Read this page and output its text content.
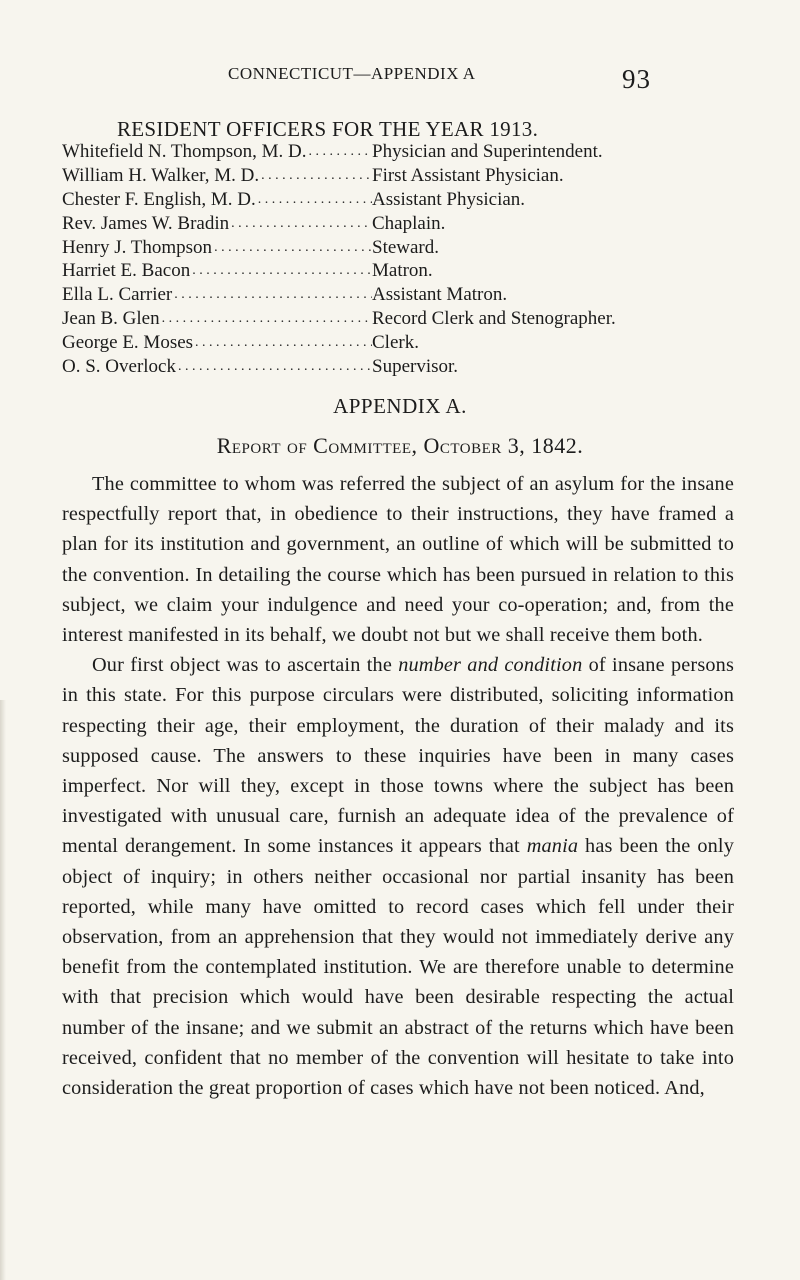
CONNECTICUT—APPENDIX A	93
RESIDENT OFFICERS FOR THE YEAR 1913.
Whitefield N. Thompson, M. D. . . .	Physician and Superintendent.
William H. Walker, M. D. . . .	First Assistant Physician.
Chester F. English, M. D. . . .	Assistant Physician.
Rev. James W. Bradin . . .	Chaplain.
Henry J. Thompson . . .	Steward.
Harriet E. Bacon . . .	Matron.
Ella L. Carrier . . .	Assistant Matron.
Jean B. Glen . . .	Record Clerk and Stenographer.
George E. Moses . . .	Clerk.
O. S. Overlock . . .	Supervisor.
APPENDIX A.
Report of Committee, October 3, 1842.

The committee to whom was referred the subject of an asylum for the insane respectfully report that, in obedience to their instructions, they have framed a plan for its institution and government, an outline of which will be submitted to the convention. In detailing the course which has been pursued in relation to this subject, we claim your indulgence and need your co-operation; and, from the interest manifested in its behalf, we doubt not but we shall receive them both.

Our first object was to ascertain the number and condition of insane persons in this state. For this purpose circulars were distributed, soliciting information respecting their age, their employment, the duration of their malady and its supposed cause. The answers to these inquiries have been in many cases imperfect. Nor will they, except in those towns where the subject has been investigated with unusual care, furnish an adequate idea of the prevalence of mental derangement. In some instances it appears that mania has been the only object of inquiry; in others neither occasional nor partial insanity has been reported, while many have omitted to record cases which fell under their observation, from an apprehension that they would not immediately derive any benefit from the contemplated institution. We are therefore unable to determine with that precision which would have been desirable respecting the actual number of the insane; and we submit an abstract of the returns which have been received, confident that no member of the convention will hesitate to take into consideration the great proportion of cases which have not been noticed. And,
